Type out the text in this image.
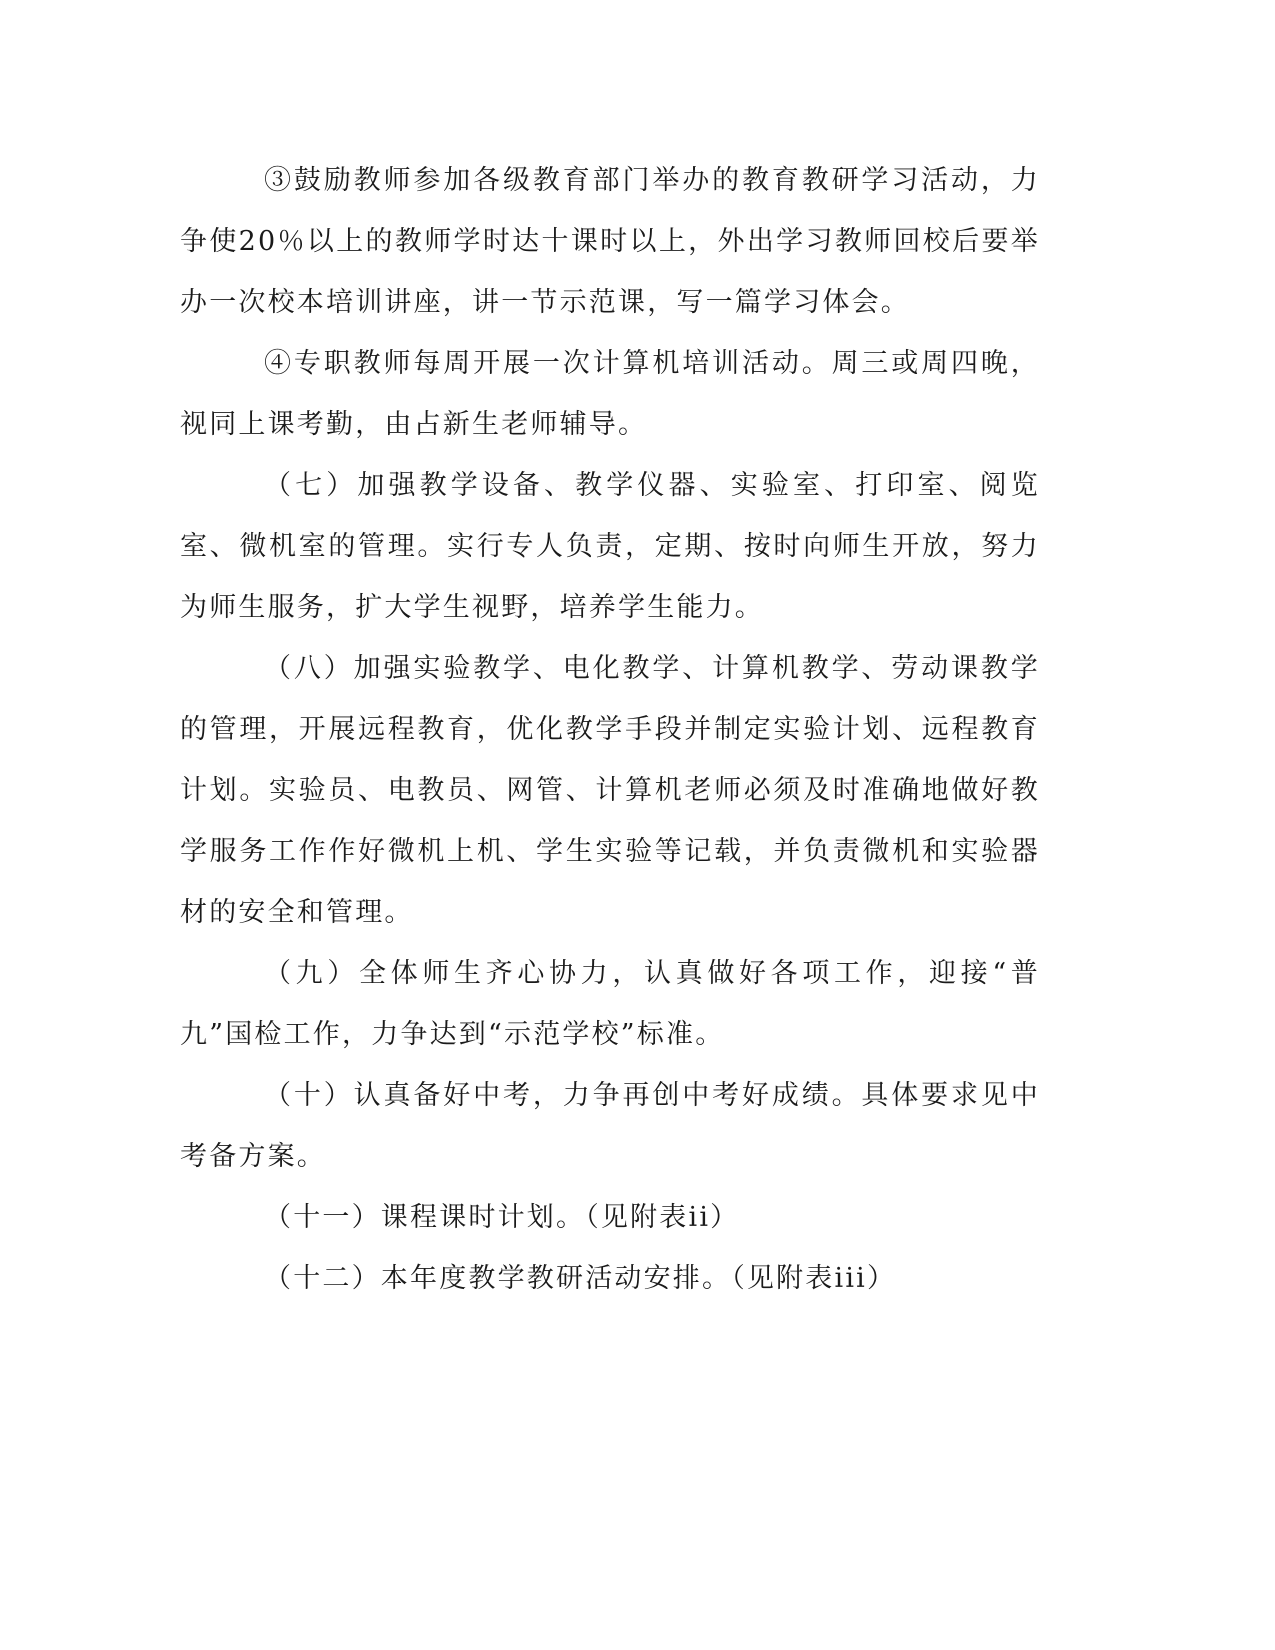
③鼓励教师参加各级教育部门举办的教育教研学习活动，力争使20％以上的教师学时达十课时以上，外出学习教师回校后要举办一次校本培训讲座，讲一节示范课，写一篇学习体会。

④专职教师每周开展一次计算机培训活动。周三或周四晚，视同上课考勤，由占新生老师辅导。

（七）加强教学设备、教学仪器、实验室、打印室、阅览室、微机室的管理。实行专人负责，定期、按时向师生开放，努力为师生服务，扩大学生视野，培养学生能力。

（八）加强实验教学、电化教学、计算机教学、劳动课教学的管理，开展远程教育，优化教学手段并制定实验计划、远程教育计划。实验员、电教员、网管、计算机老师必须及时准确地做好教学服务工作作好微机上机、学生实验等记载，并负责微机和实验器材的安全和管理。

（九）全体师生齐心协力，认真做好各项工作，迎接“普九”国检工作，力争达到“示范学校”标准。

（十）认真备好中考，力争再创中考好成绩。具体要求见中考备方案。

（十一）课程课时计划。（见附表ii）

（十二）本年度教学教研活动安排。（见附表iii）
